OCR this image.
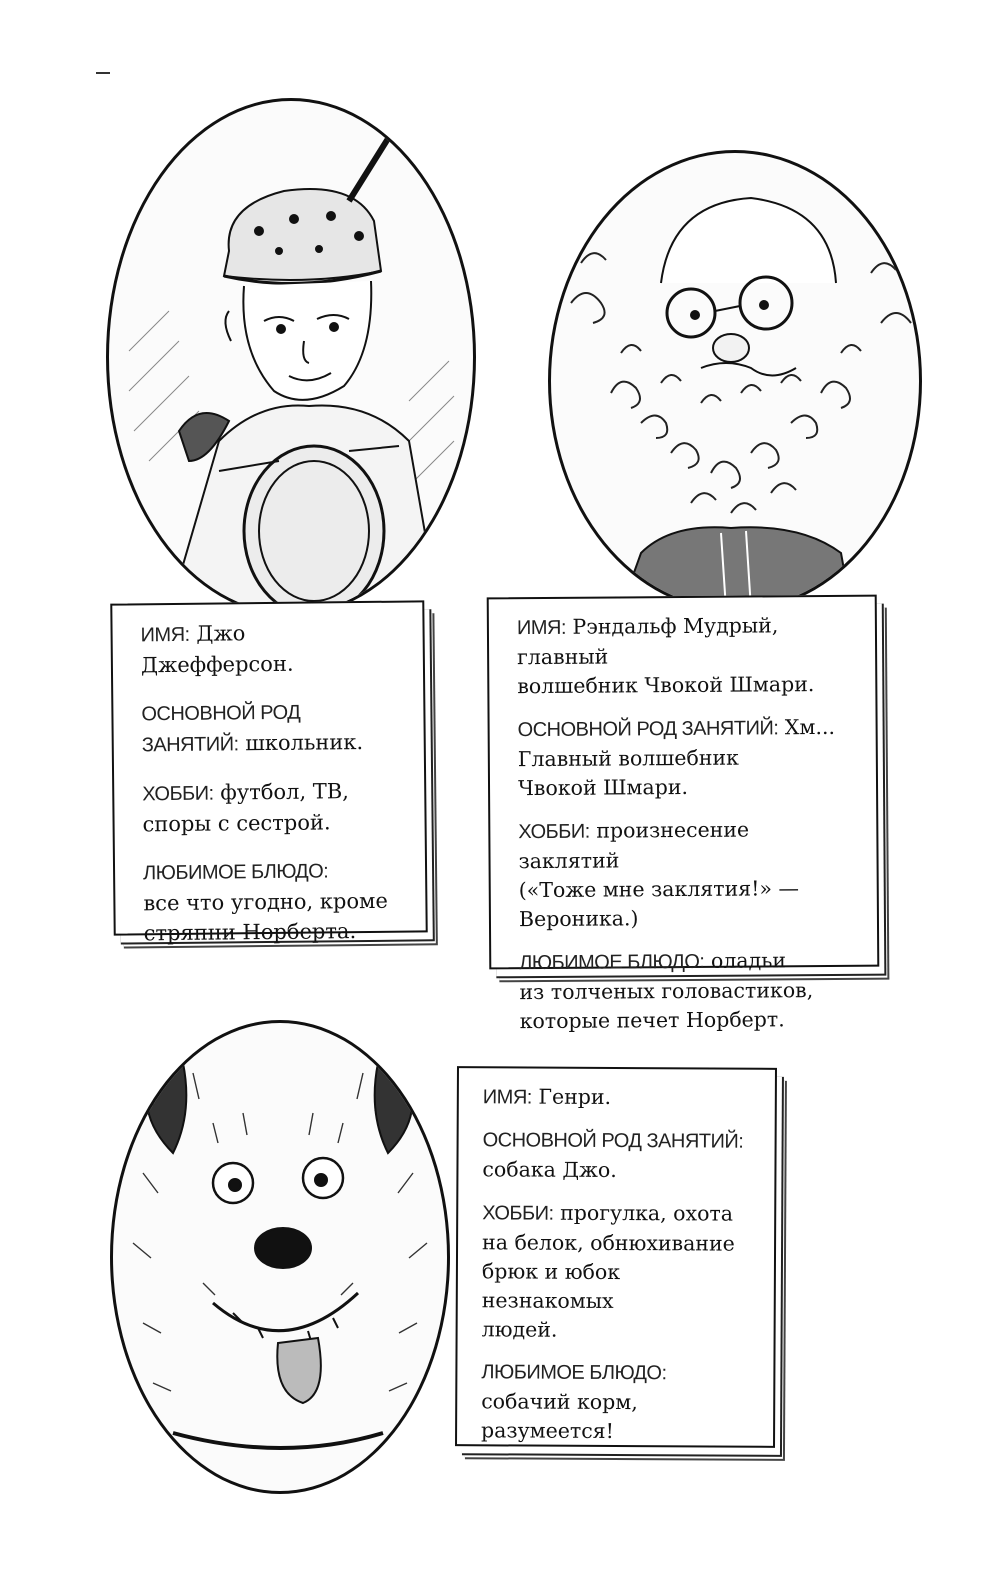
ИМЯ: Джо Джефферсон.
ОСНОВНОЙ РОД ЗАНЯТИЙ: школьник.
ХОББИ: футбол, ТВ,
споры с сестрой.
ЛЮБИМОЕ БЛЮДО:
все что угодно, кроме
стряпни Норберта.
ИМЯ: Рэндальф Мудрый, главный
волшебник Чвокой Шмари.
ОСНОВНОЙ РОД ЗАНЯТИЙ: Хм...
Главный волшебник
Чвокой Шмари.
ХОББИ: произнесение заклятий
(«Тоже мне заклятия!» —
Вероника.)
ЛЮБИМОЕ БЛЮДО: оладьи
из толченых головастиков,
которые печет Норберт.
ИМЯ: Генри.
ОСНОВНОЙ РОД ЗАНЯТИЙ:
собака Джо.
ХОББИ: прогулка, охота
на белок, обнюхивание
брюк и юбок незнакомых
людей.
ЛЮБИМОЕ БЛЮДО:
собачий корм,
разумеется!
